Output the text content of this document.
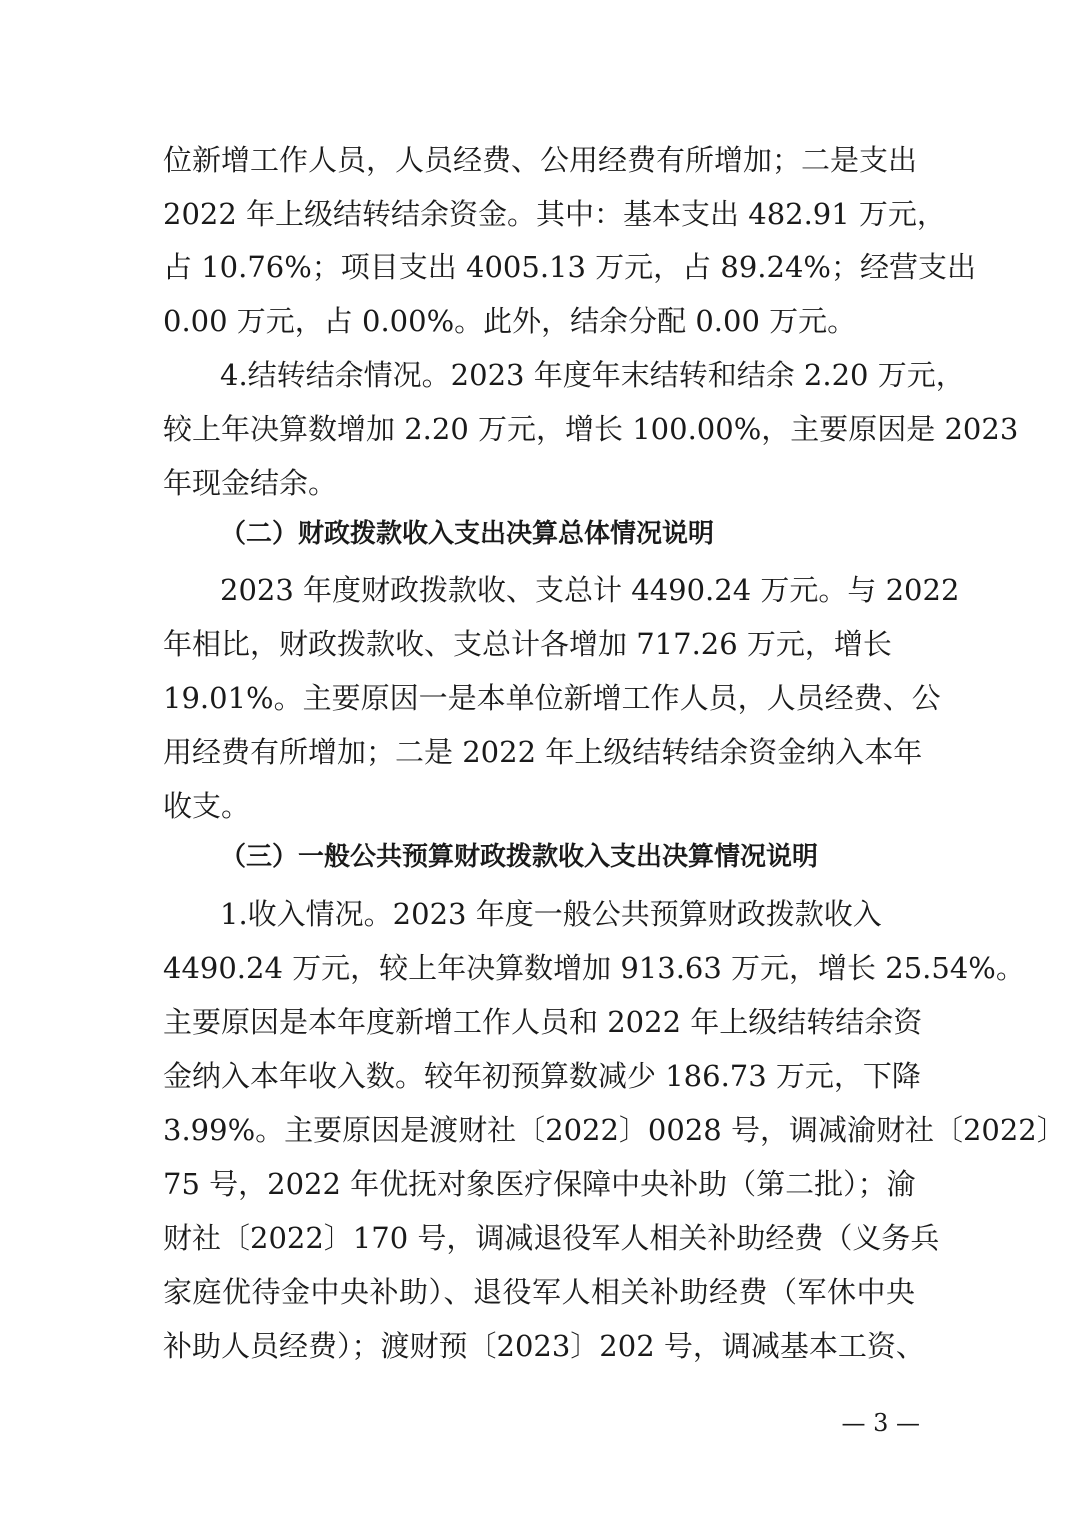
位新增工作人员，人员经费、公用经费有所增加；二是支出
2022 年上级结转结余资金。其中：基本支出 482.91 万元，
占 10.76%；项目支出 4005.13 万元，占 89.24%；经营支出
0.00 万元，占 0.00%。此外，结余分配 0.00 万元。
4.结转结余情况。2023 年度年末结转和结余 2.20 万元，
较上年决算数增加 2.20 万元，增长 100.00%，主要原因是 2023
年现金结余。
（二）财政拨款收入支出决算总体情况说明
2023 年度财政拨款收、支总计 4490.24 万元。与 2022
年相比，财政拨款收、支总计各增加 717.26 万元，增长
19.01%。主要原因一是本单位新增工作人员，人员经费、公
用经费有所增加；二是 2022 年上级结转结余资金纳入本年
收支。
（三）一般公共预算财政拨款收入支出决算情况说明
1.收入情况。2023 年度一般公共预算财政拨款收入
4490.24 万元，较上年决算数增加 913.63 万元，增长 25.54%。
主要原因是本年度新增工作人员和 2022 年上级结转结余资
金纳入本年收入数。较年初预算数减少 186.73 万元，下降
3.99%。主要原因是渡财社〔2022〕0028 号，调减渝财社〔2022〕
75 号，2022 年优抚对象医疗保障中央补助（第二批）；渝
财社〔2022〕170 号，调减退役军人相关补助经费（义务兵
家庭优待金中央补助）、退役军人相关补助经费（军休中央
补助人员经费）；渡财预〔2023〕202 号，调减基本工资、
— 3 —
